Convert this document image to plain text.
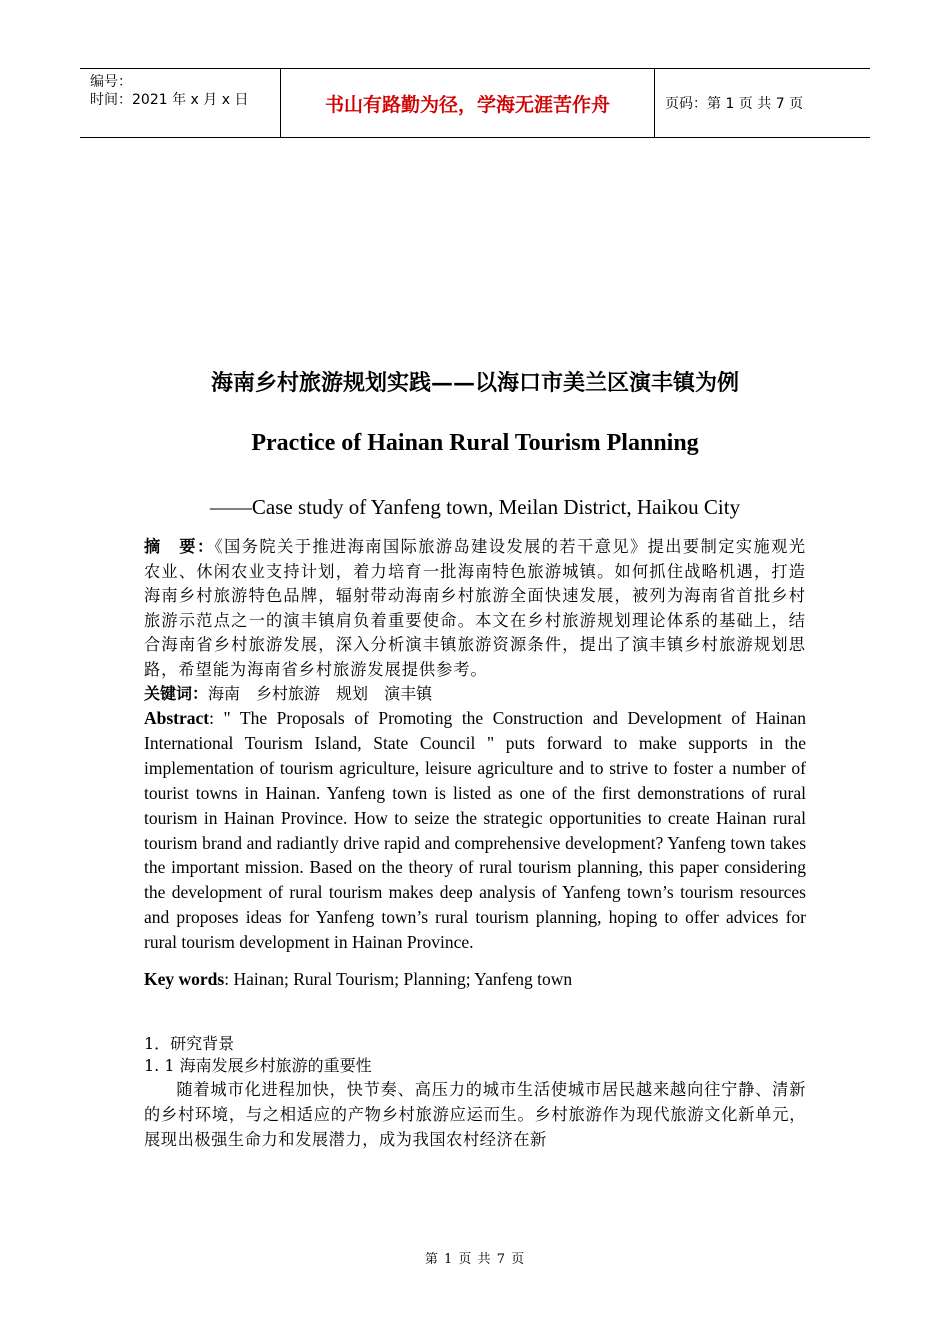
编号：
时间：2021 年 x 月 x 日	书山有路勤为径，学海无涯苦作舟	页码：第 1 页 共 7 页
海南乡村旅游规划实践——以海口市美兰区演丰镇为例
Practice of Hainan Rural Tourism Planning
——Case study of Yanfeng town, Meilan District, Haikou City

摘　要：《国务院关于推进海南国际旅游岛建设发展的若干意见》提出要制定实施观光农业、休闲农业支持计划，着力培育一批海南特色旅游城镇。如何抓住战略机遇，打造海南乡村旅游特色品牌，辐射带动海南乡村旅游全面快速发展，被列为海南省首批乡村旅游示范点之一的演丰镇肩负着重要使命。本文在乡村旅游规划理论体系的基础上，结合海南省乡村旅游发展，深入分析演丰镇旅游资源条件，提出了演丰镇乡村旅游规划思路，希望能为海南省乡村旅游发展提供参考。

关键词：海南 乡村旅游 规划 演丰镇

Abstract: " The Proposals of Promoting the Construction and Development of Hainan International Tourism Island, State Council " puts forward to make supports in the implementation of tourism agriculture, leisure agriculture and to strive to foster a number of tourist towns in Hainan. Yanfeng town is listed as one of the first demonstrations of rural tourism in Hainan Province. How to seize the strategic opportunities to create Hainan rural tourism brand and radiantly drive rapid and comprehensive development? Yanfeng town takes the important mission. Based on the theory of rural tourism planning, this paper considering the development of rural tourism makes deep analysis of Yanfeng town’s tourism resources and proposes ideas for Yanfeng town’s rural tourism planning, hoping to offer advices for rural tourism development in Hainan Province.

Key words: Hainan; Rural Tourism; Planning; Yanfeng town

1．研究背景

1. 1 海南发展乡村旅游的重要性

随着城市化进程加快，快节奏、高压力的城市生活使城市居民越来越向往宁静、清新的乡村环境，与之相适应的产物乡村旅游应运而生。乡村旅游作为现代旅游文化新单元，展现出极强生命力和发展潜力，成为我国农村经济在新

第 1 页 共 7 页
